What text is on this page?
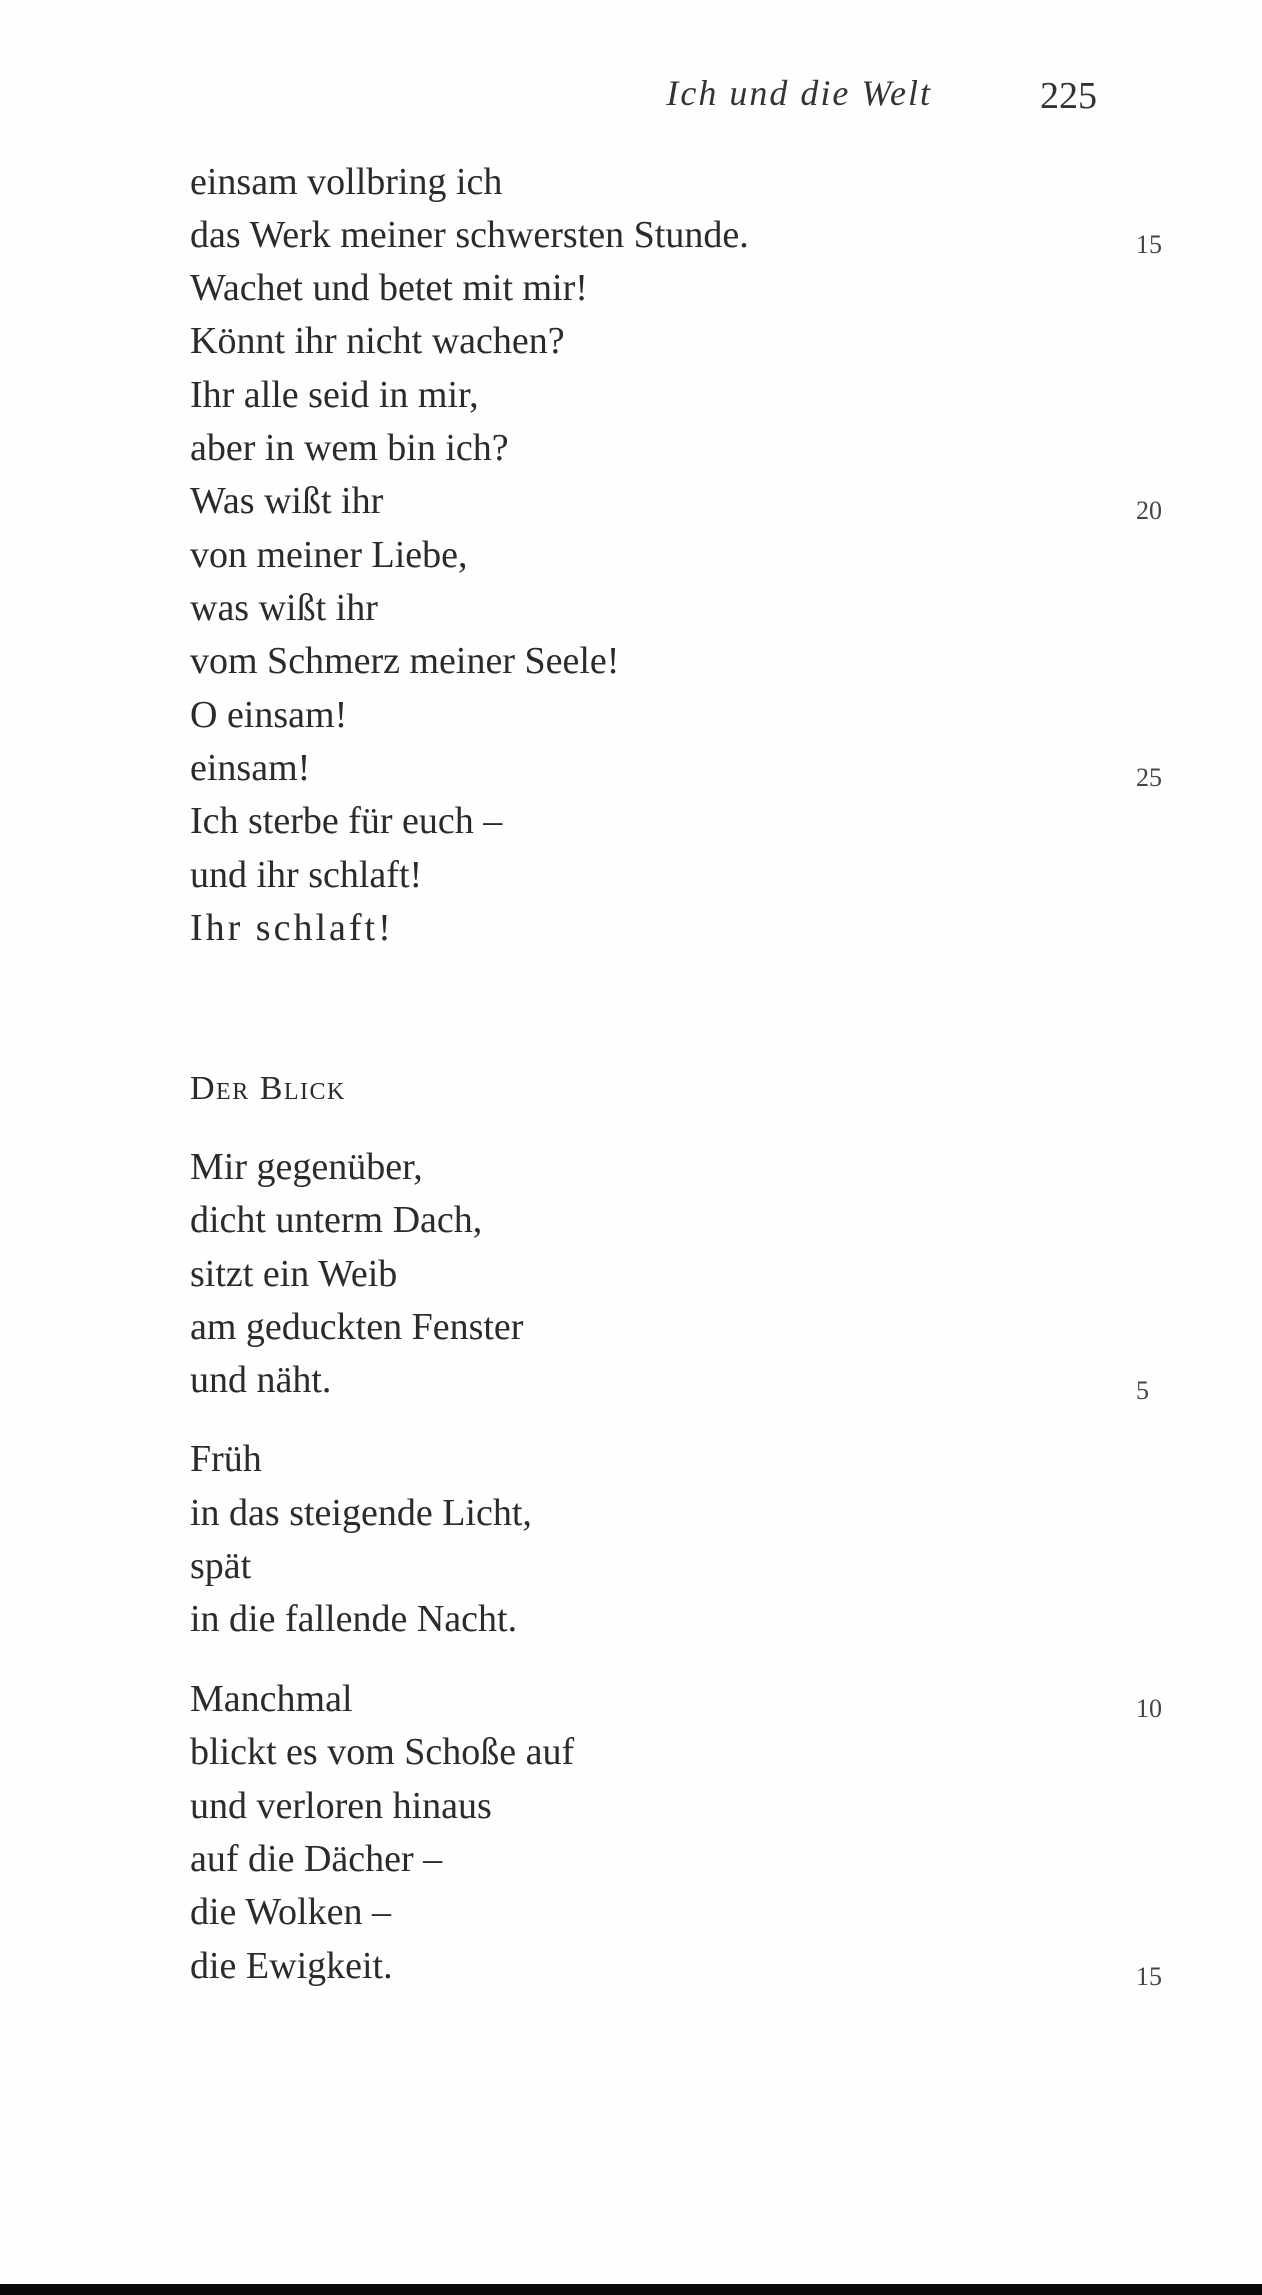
Ich und die Welt	225
einsam vollbring ich
das Werk meiner schwersten Stunde.
Wachet und betet mit mir!
Könnt ihr nicht wachen?
Ihr alle seid in mir,
aber in wem bin ich?
Was wißt ihr
von meiner Liebe,
was wißt ihr
vom Schmerz meiner Seele!
O einsam!
einsam!
Ich sterbe für euch –
und ihr schlaft!
Ihr schlaft!
15
20
25
Der Blick
Mir gegenüber,
dicht unterm Dach,
sitzt ein Weib
am geduckten Fenster
und näht.
Früh
in das steigende Licht,
spät
in die fallende Nacht.
Manchmal
blickt es vom Schoße auf
und verloren hinaus
auf die Dächer –
die Wolken –
die Ewigkeit.
5
10
15
